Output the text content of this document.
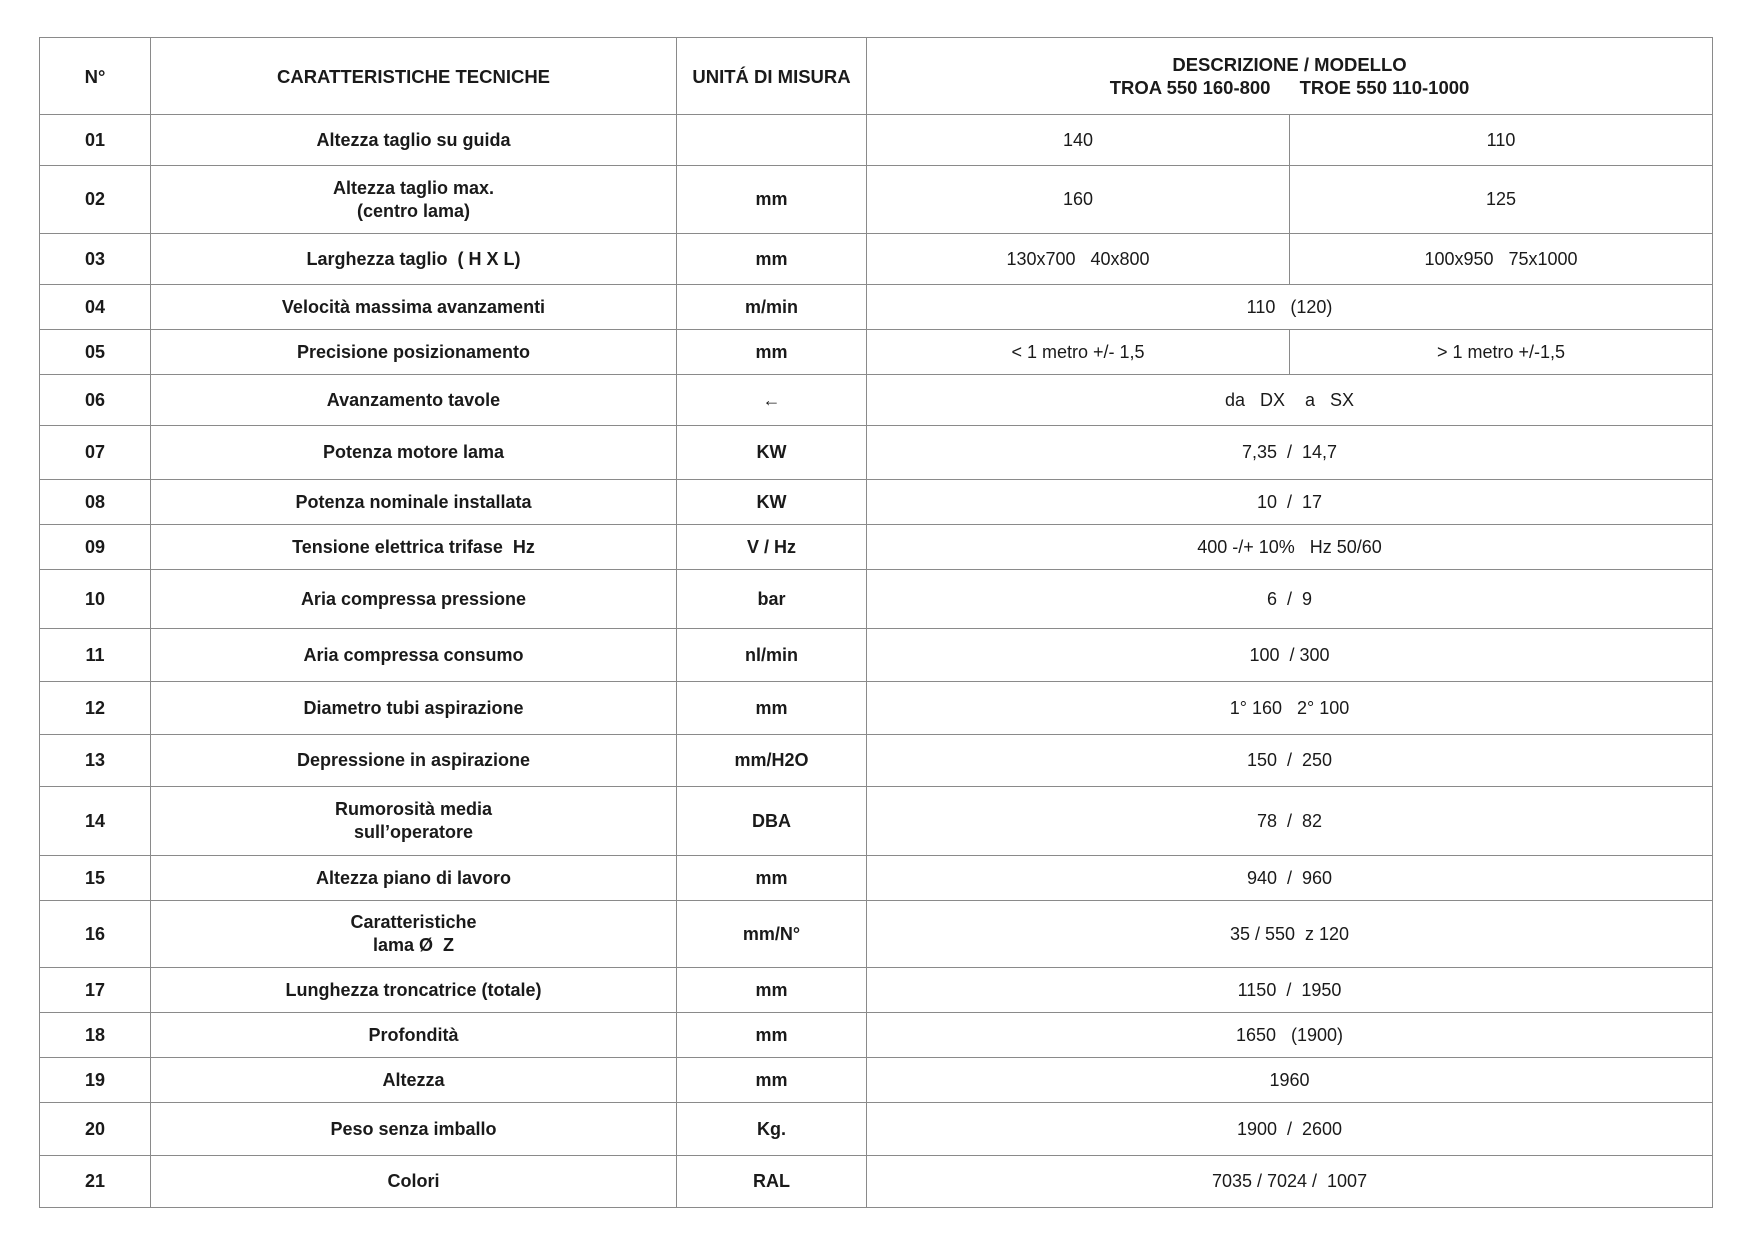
N°	CARATTERISTICHE TECNICHE	UNITÁ DI MISURA	DESCRIZIONE / MODELLO
TROA 550 160-800 TROE 550 110-1000	

01	Altezza taglio su guida		140	110
02	Altezza taglio max.
(centro lama)	mm	160	125
03	Larghezza taglio  ( H X L)	mm	130x700   40x800	100x950   75x1000
04	Velocità massima avanzamenti	m/min	110   (120)	
05	Precisione posizionamento	mm	< 1 metro +/- 1,5	> 1 metro +/-1,5
06	Avanzamento tavole	←	da   DX    a   SX	
07	Potenza motore lama	KW	7,35  /  14,7	
08	Potenza nominale installata	KW	10  /  17	
09	Tensione elettrica trifase  Hz	V / Hz	400 -/+ 10%   Hz 50/60	
10	Aria compressa pressione	bar	6  /  9	
11	Aria compressa consumo	nl/min	100  / 300	
12	Diametro tubi aspirazione	mm	1° 160   2° 100	
13	Depressione in aspirazione	mm/H2O	150  /  250	
14	Rumorosità media
sull’operatore	DBA	78  /  82	
15	Altezza piano di lavoro	mm	940  /  960	
16	Caratteristiche
lama Ø  Z	mm/N°	35 / 550  z 120	
17	Lunghezza troncatrice (totale)	mm	1150  /  1950	
18	Profondità	mm	1650   (1900)	
19	Altezza	mm	1960	
20	Peso senza imballo	Kg.	1900  /  2600	
21	Colori	RAL	7035 / 7024 /  1007	
